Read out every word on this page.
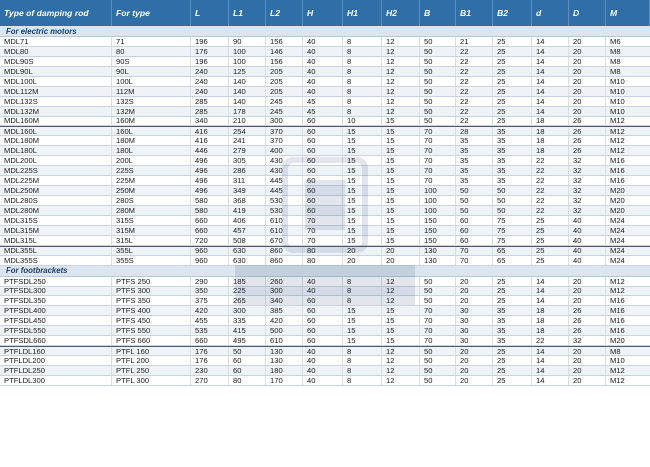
Type of damping rod	For type	L	L1	L2	H	H1	H2	B	B1	B2	d	D	M
For electric motors
MDL71	71	196	90	156	40	8	12	50	21	25	14	20	M6
MDL80	80	176	100	146	40	8	12	50	22	25	14	20	M8
MDL90S	90S	196	100	156	40	8	12	50	22	25	14	20	M8
MDL90L	90L	240	125	205	40	8	12	50	22	25	14	20	M8
MDL100L	100L	240	140	205	40	8	12	50	22	25	14	20	M10
MDL112M	112M	240	140	205	40	8	12	50	22	25	14	20	M10
MDL132S	132S	285	140	245	45	8	12	50	22	25	14	20	M10
MDL132M	132M	285	178	245	45	8	12	50	22	25	14	20	M10
MDL160M	160M	340	210	300	60	10	15	50	22	25	18	26	M12
MDL160L	160L	416	254	370	60	15	15	70	28	35	18	26	M12
MDL180M	180M	416	241	370	60	15	15	70	35	35	18	26	M12
MDL180L	180L	446	279	400	60	15	15	70	35	35	18	26	M12
MDL200L	200L	496	305	430	60	15	15	70	35	35	22	32	M16
MDL225S	225S	496	286	430	60	15	15	70	35	35	22	32	M16
MDL225M	225M	496	311	445	60	15	15	70	35	35	22	32	M16
MDL250M	250M	496	349	445	60	15	15	100	50	50	22	32	M20
MDL280S	280S	580	368	530	60	15	15	100	50	50	22	32	M20
MDL280M	280M	580	419	530	60	15	15	100	50	50	22	32	M20
MDL315S	315S	660	406	610	70	15	15	150	60	75	25	40	M24
MDL315M	315M	660	457	610	70	15	15	150	60	75	25	40	M24
MDL315L	315L	720	508	670	70	15	15	150	60	75	25	40	M24
MDL355L	355L	960	630	860	80	20	20	130	70	65	25	40	M24
MDL355S	355S	960	630	860	80	20	20	130	70	65	25	40	M24
For footbrackets
PTFSDL250	PTFS 250	290	185	260	40	8	12	50	20	25	14	20	M12
PTFSDL300	PTFS 300	350	225	300	40	8	12	50	20	25	14	20	M12
PTFSDL350	PTFS 350	375	265	340	60	8	12	50	20	25	14	20	M16
PTFSDL400	PTFS 400	420	300	385	60	15	15	70	30	35	18	26	M16
PTFSDL450	PTFS 450	455	335	420	60	15	15	70	30	35	18	26	M16
PTFSDL550	PTFS 550	535	415	500	60	15	15	70	30	35	18	26	M16
PTFSDL660	PTFS 660	660	495	610	60	15	15	70	30	35	22	32	M20
PTFLDL160	PTFL 160	176	50	130	40	8	12	50	20	25	14	20	M8
PTFLDL200	PTFL 200	176	60	130	40	8	12	50	20	25	14	20	M10
PTFLDL250	PTFL 250	230	60	180	40	8	12	50	20	25	14	20	M12
PTFLDL300	PTFL 300	270	80	170	40	8	12	50	20	25	14	20	M12
